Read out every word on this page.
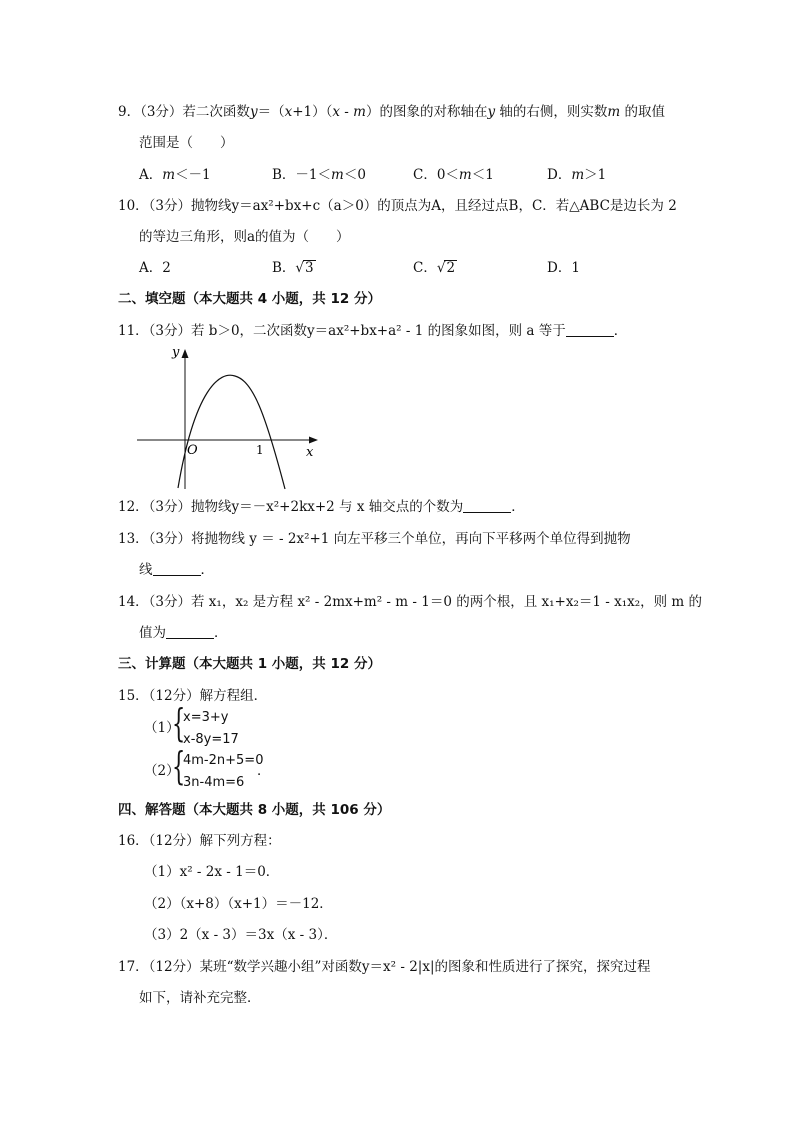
9．（3分）若二次函数y＝（x+1）（x - m）的图象的对称轴在y 轴的右侧，则实数m 的取值
范围是（　　）
A．m＜－1	B．－1＜m＜0	C．0＜m＜1	D．m＞1
10．（3分）抛物线y＝ax²+bx+c（a＞0）的顶点为A，且经过点B，C．若△ABC是边长为 2
的等边三角形，则a的值为（　　）
A．2	B．√3	C．√2	D．1
二、填空题（本大题共 4 小题，共 12 分）
11．（3分）若 b＞0，二次函数y＝ax²+bx+a² - 1 的图象如图，则 a 等于	．
y
x
O	1
12．（3分）抛物线y＝－x²+2kx+2 与 x 轴交点的个数为	．
13．（3分）将抛物线 y ＝ - 2x²+1 向左平移三个单位，再向下平移两个单位得到抛物
线	．
14．（3分）若 x₁，x₂ 是方程 x² - 2mx+m² - m - 1＝0 的两个根，且 x₁+x₂＝1 - x₁x₂，则 m 的
值为	．
三、计算题（本大题共 1 小题，共 12 分）
15．（12分）解方程组．
（1）
{
x=3+y
x-8y=17
（2）
{
4m-2n+5=0
3n-4m=6
．
四、解答题（本大题共 8 小题，共 106 分）
16．（12分）解下列方程：
（1）x² - 2x - 1＝0．
（2）（x+8）（x+1）＝－12．
（3）2（x - 3）＝3x（x - 3）．
17．（12分）某班“数学兴趣小组”对函数y＝x² - 2|x|的图象和性质进行了探究，探究过程
如下，请补充完整．
